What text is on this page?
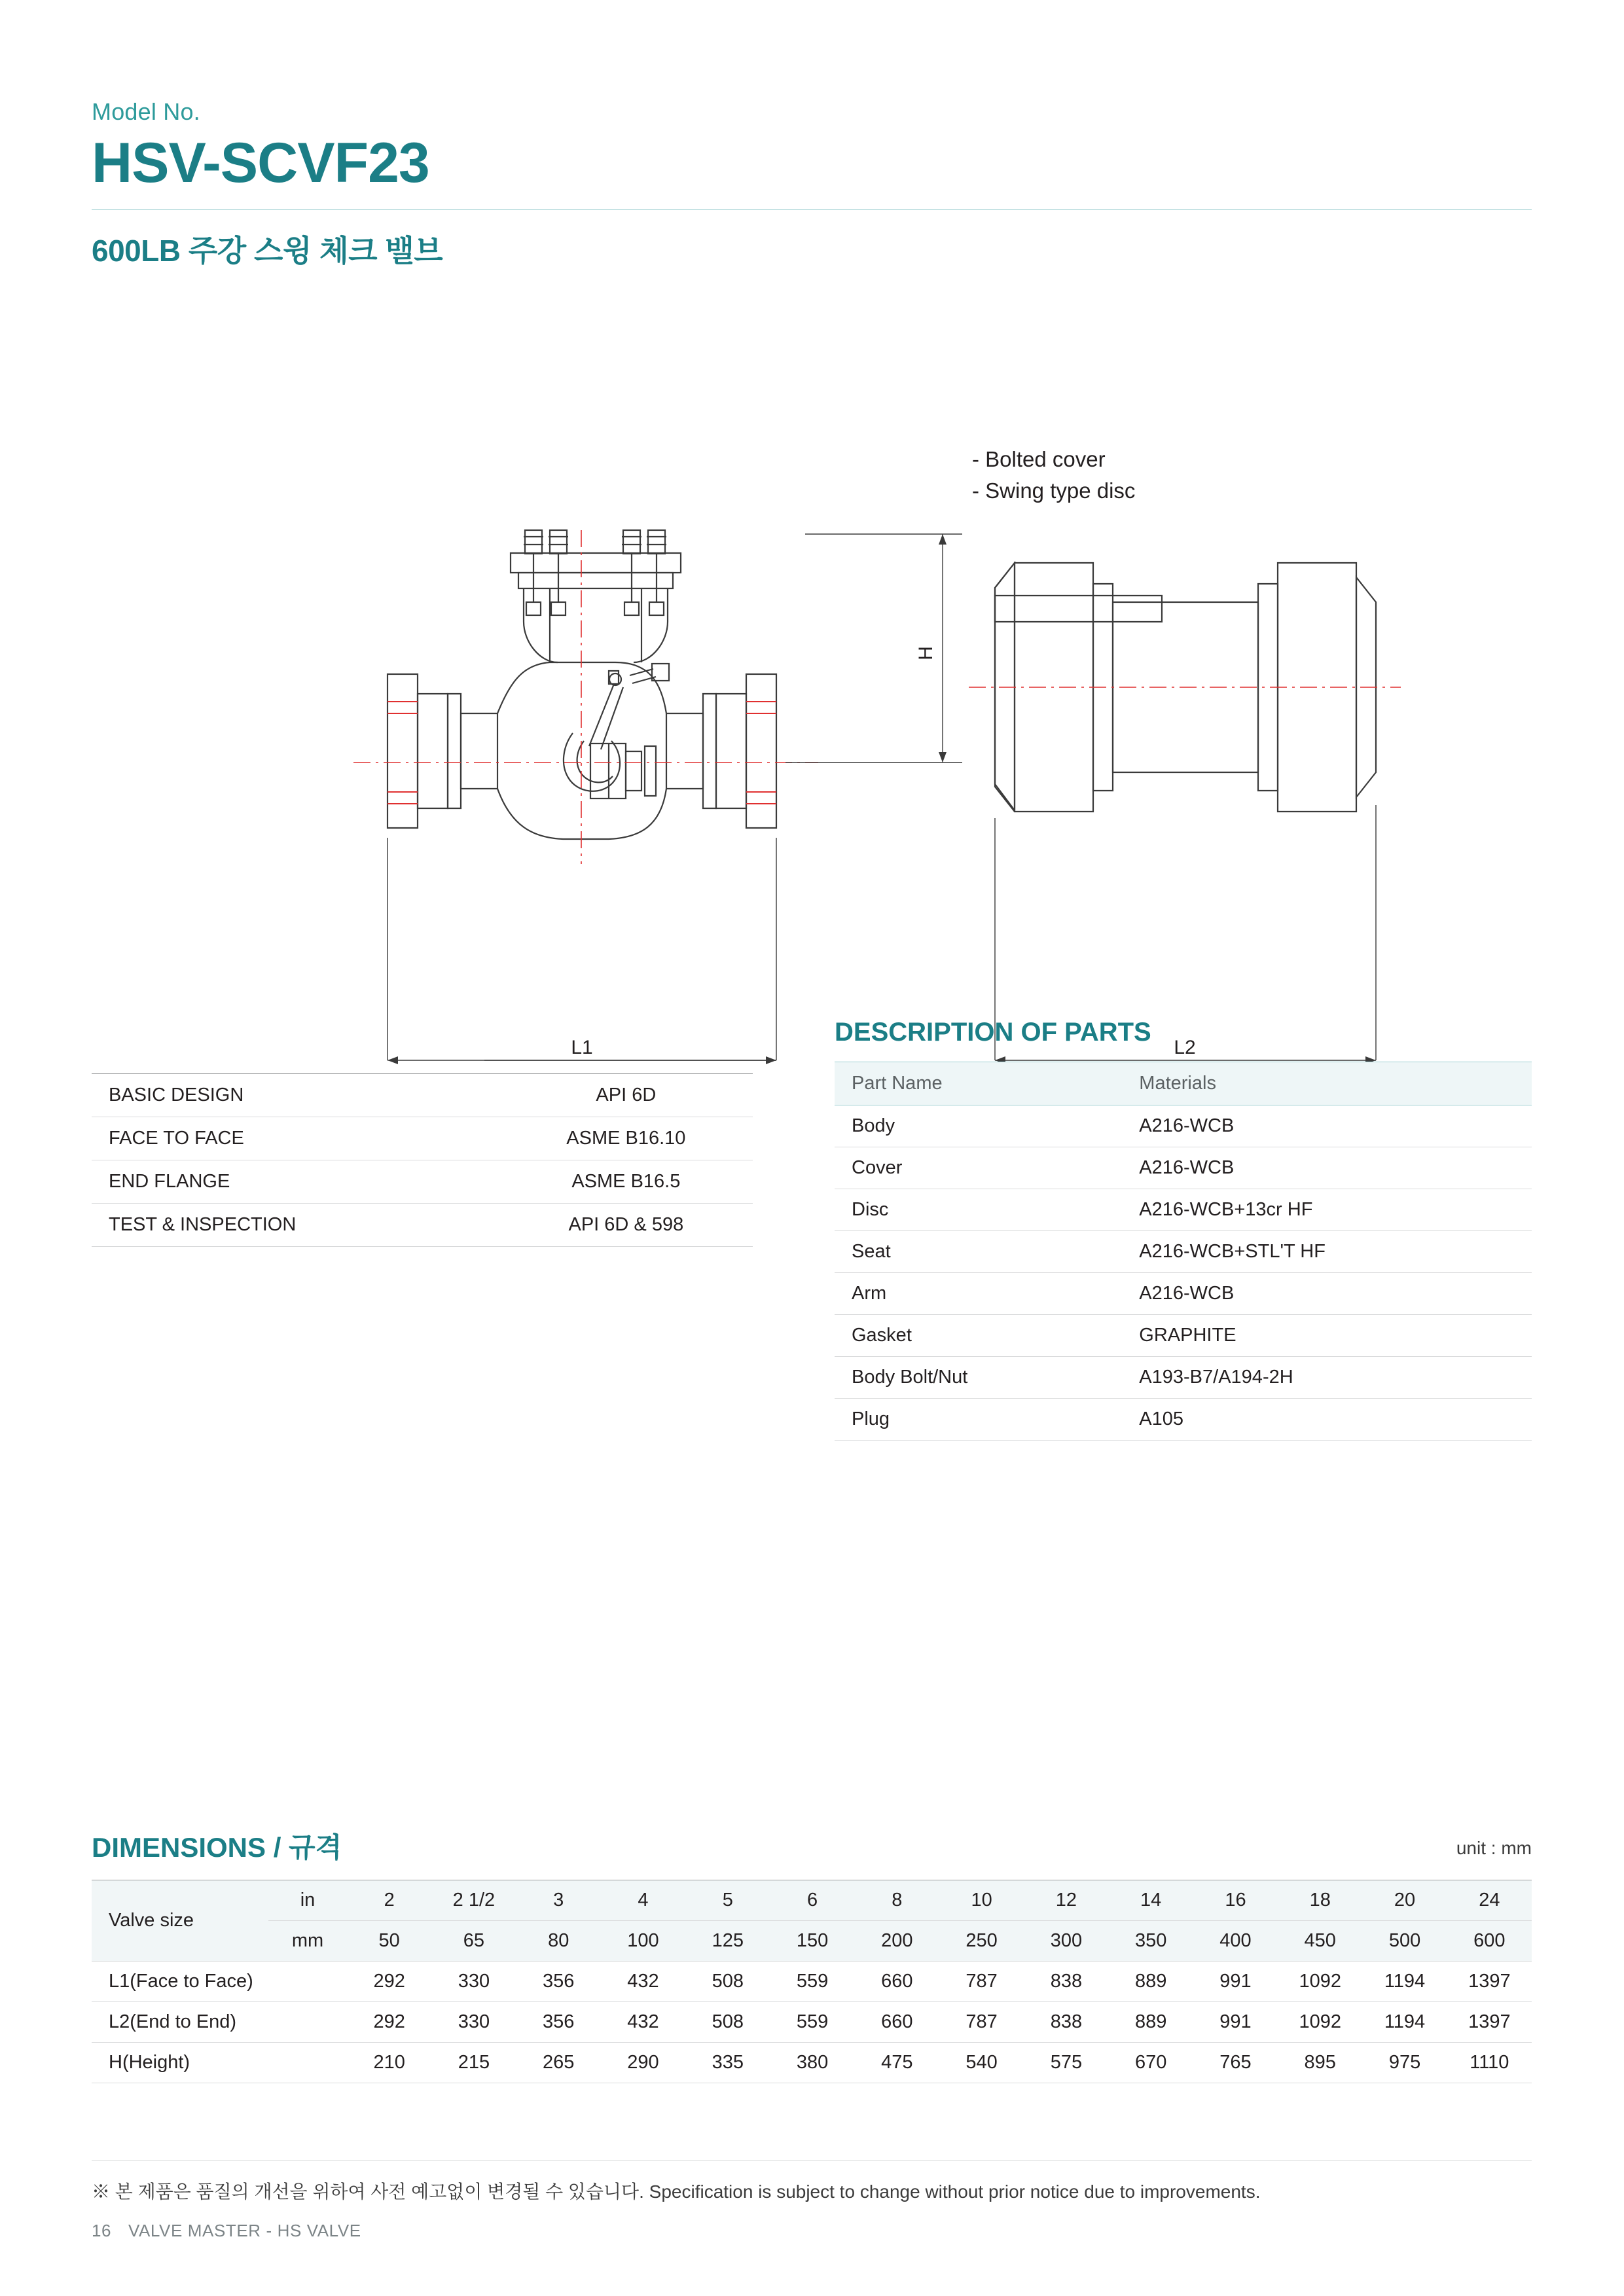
Model No.
HSV-SCVF23
600LB 주강 스윙 체크 밸브
- Bolted cover
- Swing type disc
H
L1	L2
BASIC DESIGN	API 6D
FACE TO FACE	ASME B16.10
END FLANGE	ASME B16.5
TEST & INSPECTION	API 6D & 598
DESCRIPTION OF PARTS
Part Name	Materials
Body	A216-WCB
Cover	A216-WCB
Disc	A216-WCB+13cr HF
Seat	A216-WCB+STL'T HF
Arm	A216-WCB
Gasket	GRAPHITE
Body Bolt/Nut	A193-B7/A194-2H
Plug	A105
DIMENSIONS / 규격	unit : mm
Valve size	in	2	2 1/2	3	4	5	6	8	10	12	14	16	18	20	24
	mm	50	65	80	100	125	150	200	250	300	350	400	450	500	600
L1(Face to Face)		292	330	356	432	508	559	660	787	838	889	991	1092	1194	1397
L2(End to End)		292	330	356	432	508	559	660	787	838	889	991	1092	1194	1397
H(Height)		210	215	265	290	335	380	475	540	575	670	765	895	975	1110
※ 본 제품은 품질의 개선을 위하여 사전 예고없이 변경될 수 있습니다. Specification is subject to change without prior notice due to improvements.
16 VALVE MASTER - HS VALVE
